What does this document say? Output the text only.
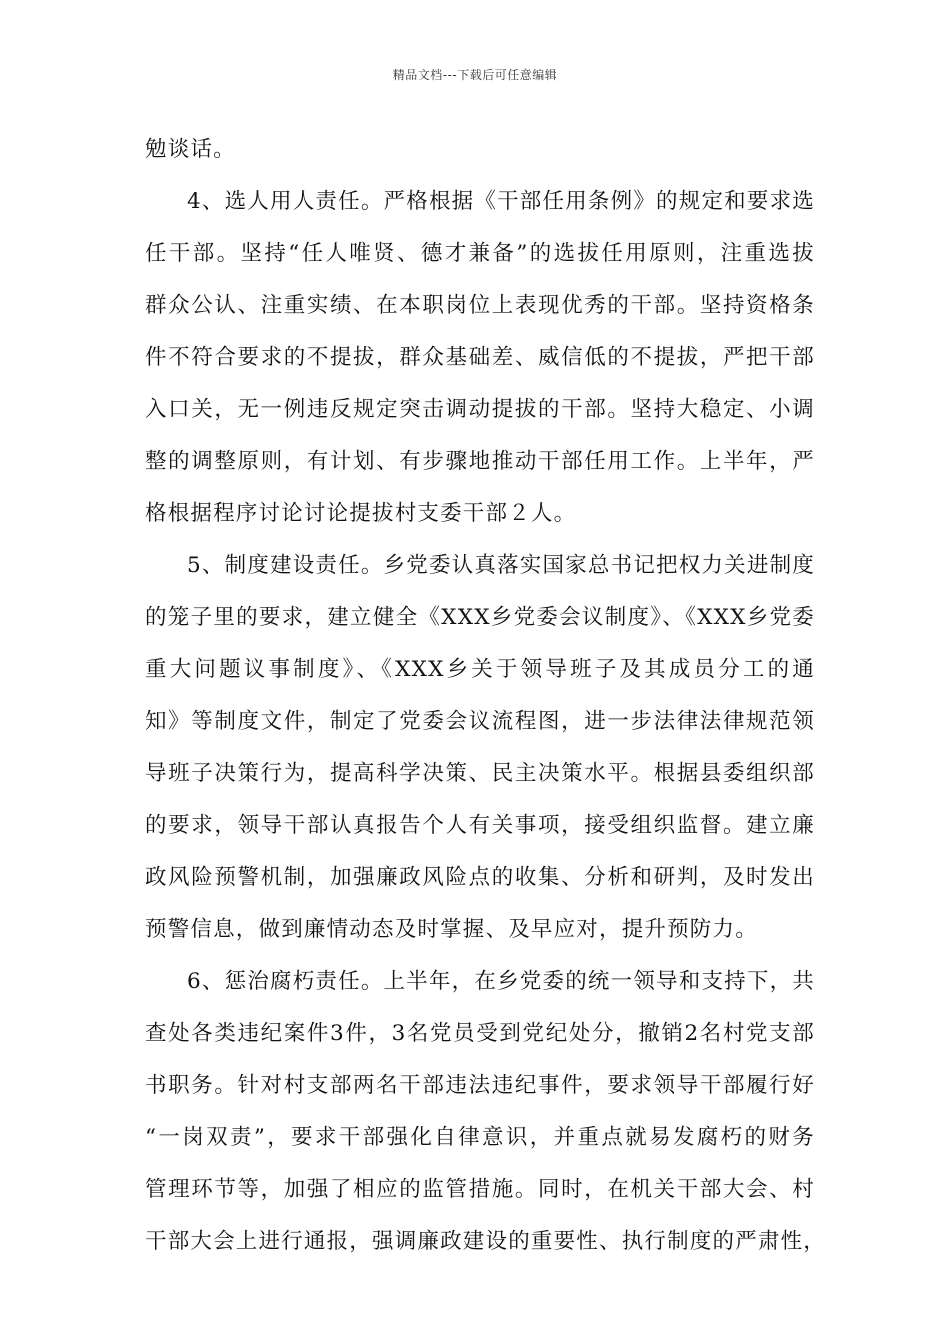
精品文档---下载后可任意编辑
勉谈话。
4、选人用人责任。严格根据《干部任用条例》的规定和要求选
任干部。坚持“任人唯贤、德才兼备”的选拔任用原则，注重选拔
群众公认、注重实绩、在本职岗位上表现优秀的干部。坚持资格条
件不符合要求的不提拔，群众基础差、威信低的不提拔，严把干部
入口关，无一例违反规定突击调动提拔的干部。坚持大稳定、小调
整的调整原则，有计划、有步骤地推动干部任用工作。上半年，严
格根据程序讨论讨论提拔村支委干部２人。
5、制度建设责任。乡党委认真落实国家总书记把权力关进制度
的笼子里的要求，建立健全《XXX乡党委会议制度》、《XXX乡党委
重大问题议事制度》、《XXX乡关于领导班子及其成员分工的通
知》等制度文件，制定了党委会议流程图，进一步法律法律规范领
导班子决策行为，提高科学决策、民主决策水平。根据县委组织部
的要求，领导干部认真报告个人有关事项，接受组织监督。建立廉
政风险预警机制，加强廉政风险点的收集、分析和研判，及时发出
预警信息，做到廉情动态及时掌握、及早应对，提升预防力。
6、惩治腐朽责任。上半年，在乡党委的统一领导和支持下，共
查处各类违纪案件3件，3名党员受到党纪处分，撤销2名村党支部
书职务。针对村支部两名干部违法违纪事件，要求领导干部履行好
“一岗双责”，要求干部强化自律意识，并重点就易发腐朽的财务
管理环节等，加强了相应的监管措施。同时，在机关干部大会、村
干部大会上进行通报，强调廉政建设的重要性、执行制度的严肃性，
